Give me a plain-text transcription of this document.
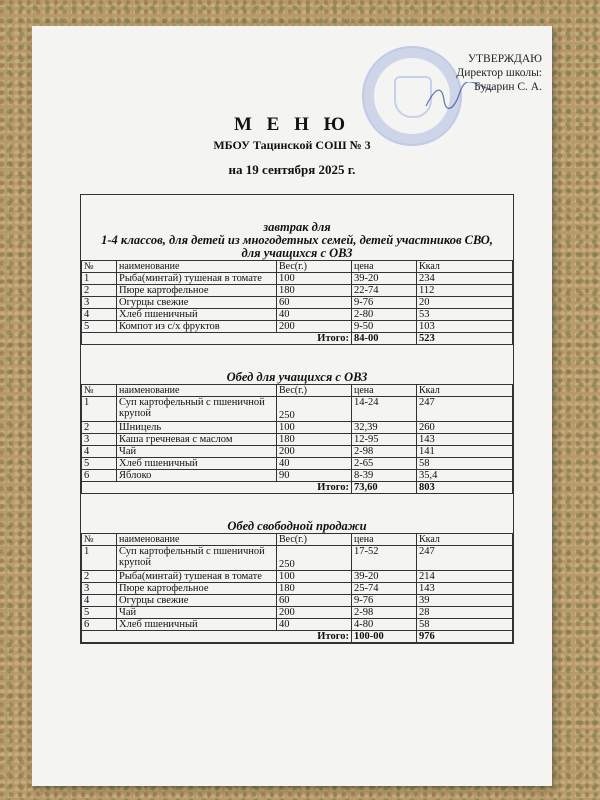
УТВЕРЖДАЮ
Директор школы:
Бударин С. А.
М Е Н Ю
МБОУ Тацинской СОШ № 3
на 19 сентября 2025 г.
завтрак для
1-4 классов, для детей из многодетных семей, детей участников СВО,
для учащихся с ОВЗ
№	наименование	Вес(г.)	цена	Ккал
1	Рыба(минтай) тушеная в томате	100	39-20	234
2	Пюре картофельное	180	22-74	112
3	Огурцы свежие	60	9-76	20
4	Хлеб пшеничный	40	2-80	53
5	Компот из с/х фруктов	200	9-50	103
Итого:			84-00	523
Обед для учащихся с ОВЗ
№	наименование	Вес(г.)	цена	Ккал
1	Суп картофельный с пшеничной крупой	250	14-24	247
2	Шницель	100	32,39	260
3	Каша гречневая с маслом	180	12-95	143
4	Чай	200	2-98	141
5	Хлеб пшеничный	40	2-65	58
6	Яблоко	90	8-39	35,4
Итого:			73,60	803
Обед свободной продажи
№	наименование	Вес(г.)	цена	Ккал
1	Суп картофельный с пшеничной крупой	250	17-52	247
2	Рыба(минтай) тушеная в томате	100	39-20	214
3	Пюре картофельное	180	25-74	143
4	Огурцы свежие	60	9-76	39
5	Чай	200	2-98	28
6	Хлеб пшеничный	40	4-80	58
Итого:			100-00	976
